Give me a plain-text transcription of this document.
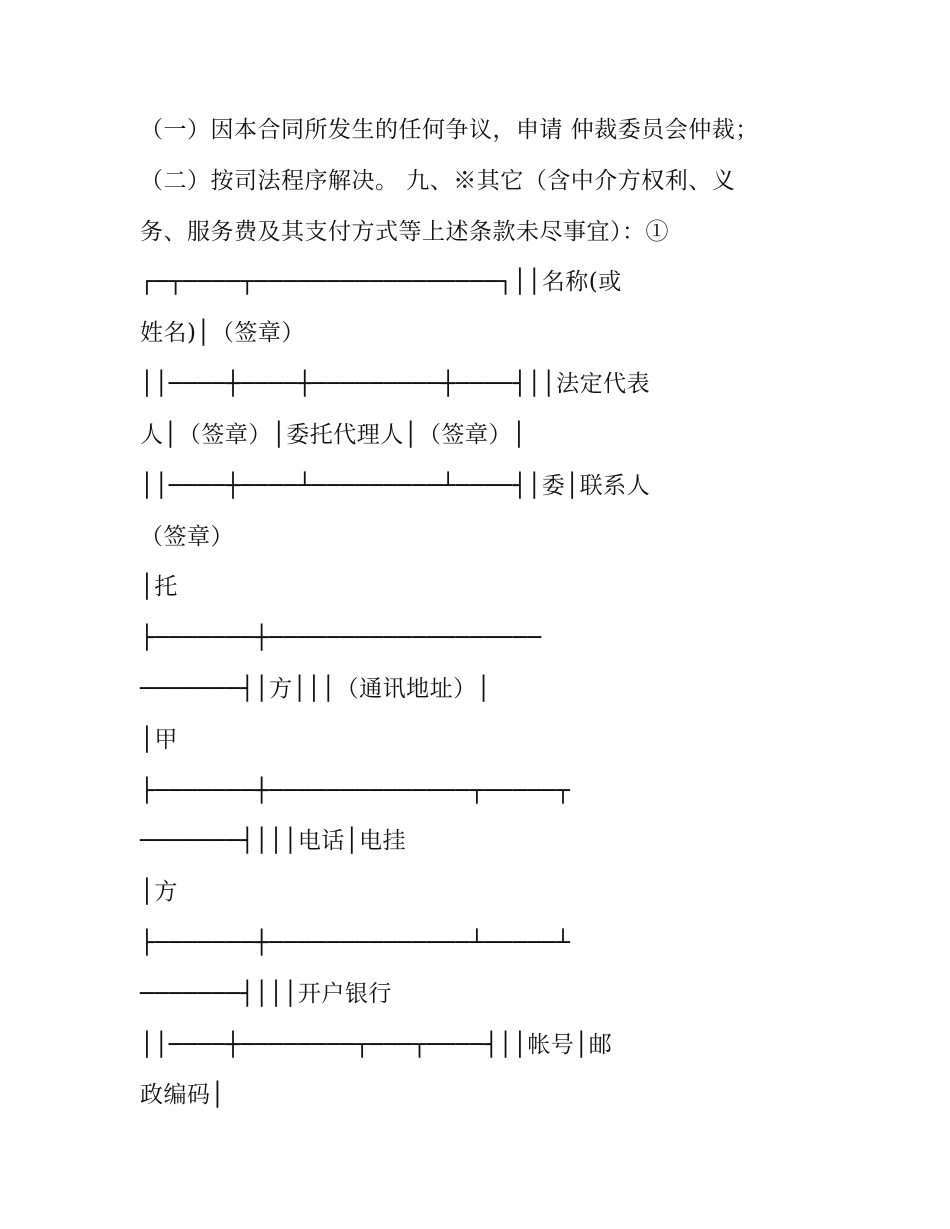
（一）因本合同所发生的任何争议，申请 仲裁委员会仲裁；
（二）按司法程序解决。 九、※其它（含中介方权利、义
务、服务费及其支付方式等上述条款未尽事宜）：①
┌─┬────┬─────────────────┐││名称(或
姓名)│（签章）
││────┼────┼─────────┼────┤││法定代表
人│（签章）│委托代理人│（签章）│
││────┼────┴─────────┴────┤│委│联系人
（签章）
│托
├───────┼───────────────────
───────┤│方│││（通讯地址）│
│甲
├───────┼──────────────┬─────┬
───────┤│││电话│电挂
│方
├───────┼──────────────┴─────┴
───────┤│││开户银行
││────┼────────┬───┬────┤││帐号│邮
政编码│
